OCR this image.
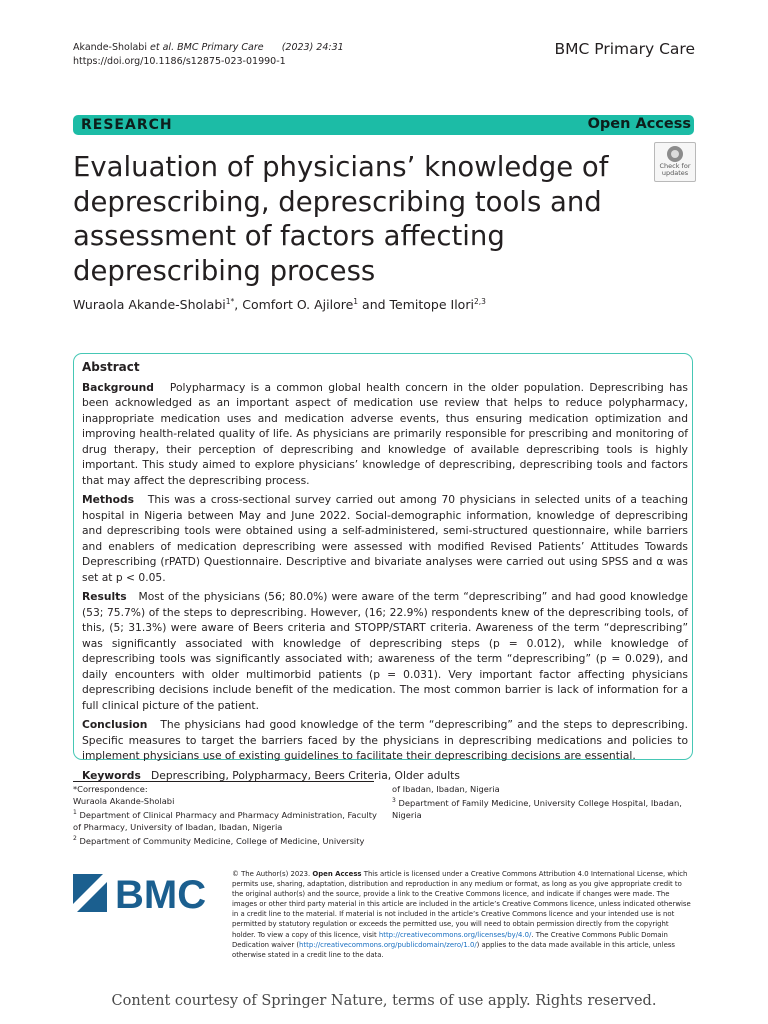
Akande-Sholabi et al. BMC Primary Care (2023) 24:31
https://doi.org/10.1186/s12875-023-01990-1
BMC Primary Care
RESEARCH	Open Access
Evaluation of physicians’ knowledge of deprescribing, deprescribing tools and assessment of factors affecting deprescribing process
Check for
updates
Wuraola Akande-Sholabi$^{1*}$, Comfort O. Ajilore$^1$ and Temitope Ilori$^{2,3}$
Abstract

Background Polypharmacy is a common global health concern in the older population. Deprescribing has been acknowledged as an important aspect of medication use review that helps to reduce polypharmacy, inappropriate medication uses and medication adverse events, thus ensuring medication optimization and improving health-related quality of life. As physicians are primarily responsible for prescribing and monitoring of drug therapy, their perception of deprescribing and knowledge of available deprescribing tools is highly important. This study aimed to explore physicians’ knowledge of deprescribing, deprescribing tools and factors that may affect the deprescribing process.

Methods This was a cross-sectional survey carried out among 70 physicians in selected units of a teaching hospital in Nigeria between May and June 2022. Social-demographic information, knowledge of deprescribing and deprescribing tools were obtained using a self-administered, semi-structured questionnaire, while barriers and enablers of medication deprescribing were assessed with modified Revised Patients’ Attitudes Towards Deprescribing (rPATD) Questionnaire. Descriptive and bivariate analyses were carried out using SPSS and α was set at p < 0.05.

Results Most of the physicians (56; 80.0%) were aware of the term “deprescribing” and had good knowledge (53; 75.7%) of the steps to deprescribing. However, (16; 22.9%) respondents knew of the deprescribing tools, of this, (5; 31.3%) were aware of Beers criteria and STOPP/START criteria. Awareness of the term “deprescribing” was significantly associated with knowledge of deprescribing steps (p = 0.012), while knowledge of deprescribing tools was significantly associated with; awareness of the term “deprescribing” (p = 0.029), and daily encounters with older multimorbid patients (p = 0.031). Very important factor affecting physicians deprescribing decisions include benefit of the medication. The most common barrier is lack of information for a full clinical picture of the patient.

Conclusion The physicians had good knowledge of the term “deprescribing” and the steps to deprescribing. Specific measures to target the barriers faced by the physicians in deprescribing medications and policies to implement physicians use of existing guidelines to facilitate their deprescribing decisions are essential.

Keywords Deprescribing, Polypharmacy, Beers Criteria, Older adults

*Correspondence:
Wuraola Akande-Sholabi
$^1$ Department of Clinical Pharmacy and Pharmacy Administration, Faculty of Pharmacy, University of Ibadan, Ibadan, Nigeria
$^2$ Department of Community Medicine, College of Medicine, University
of Ibadan, Ibadan, Nigeria
$^3$ Department of Family Medicine, University College Hospital, Ibadan, Nigeria
BMC	© The Author(s) 2023. Open Access This article is licensed under a Creative Commons Attribution 4.0 International License, which permits use, sharing, adaptation, distribution and reproduction in any medium or format, as long as you give appropriate credit to the original author(s) and the source, provide a link to the Creative Commons licence, and indicate if changes were made. The images or other third party material in this article are included in the article’s Creative Commons licence, unless indicated otherwise in a credit line to the material. If material is not included in the article’s Creative Commons licence and your intended use is not permitted by statutory regulation or exceeds the permitted use, you will need to obtain permission directly from the copyright holder. To view a copy of this licence, visit http://creativecommons.org/licenses/by/4.0/. The Creative Commons Public Domain Dedication waiver (http://creativecommons.org/publicdomain/zero/1.0/) applies to the data made available in this article, unless otherwise stated in a credit line to the data.
Content courtesy of Springer Nature, terms of use apply. Rights reserved.
